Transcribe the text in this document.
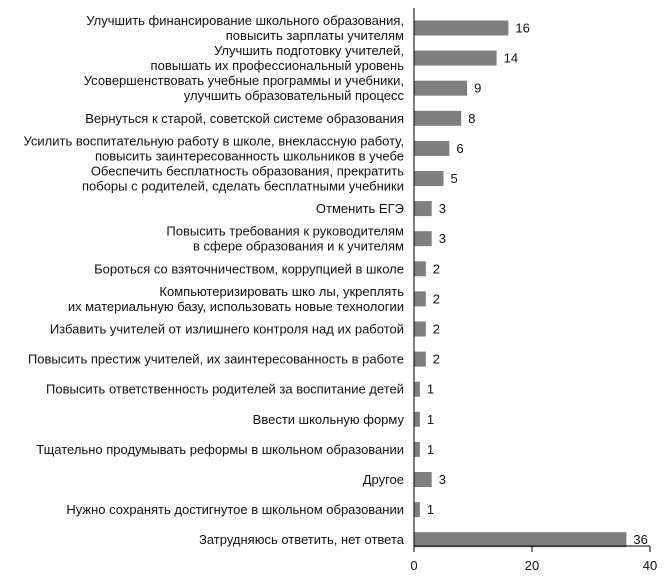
Улучшить финансирование школьного образования, повысить зарплаты учителям
Улучшить подготовку учителей, повышать их профессиональный уровень
Усовершенствовать учебные программы и учебники, улучшить образовательный процесс
Вернуться к старой, советской системе образования
Усилить воспитательную работу в школе, внеклассную работу, повысить заинтересованность школьников в учебе
Обеспечить бесплатность образования, прекратить поборы с родителей, сделать бесплатными учебники
Отменить ЕГЭ
Повысить требования к руководителям в сфере образования и к учителям
Бороться со взяточничеством, коррупцией в школе
Компьютеризировать шко лы, укреплять их материальную базу, использовать новые технологии
Избавить учителей от излишнего контроля над их работой
Повысить престиж учителей, их заинтересованность в работе
Повысить ответственность родителей за воспитание детей
Ввести школьную форму
Тщательно продумывать реформы в школьном образовании
Другое
Нужно сохранять достигнутое в школьном образовании
Затрудняюсь ответить, нет ответа
16
14
9
8
6
5
3
3
2
2
2
2
1
1
1
3
1
36
0	20	40
